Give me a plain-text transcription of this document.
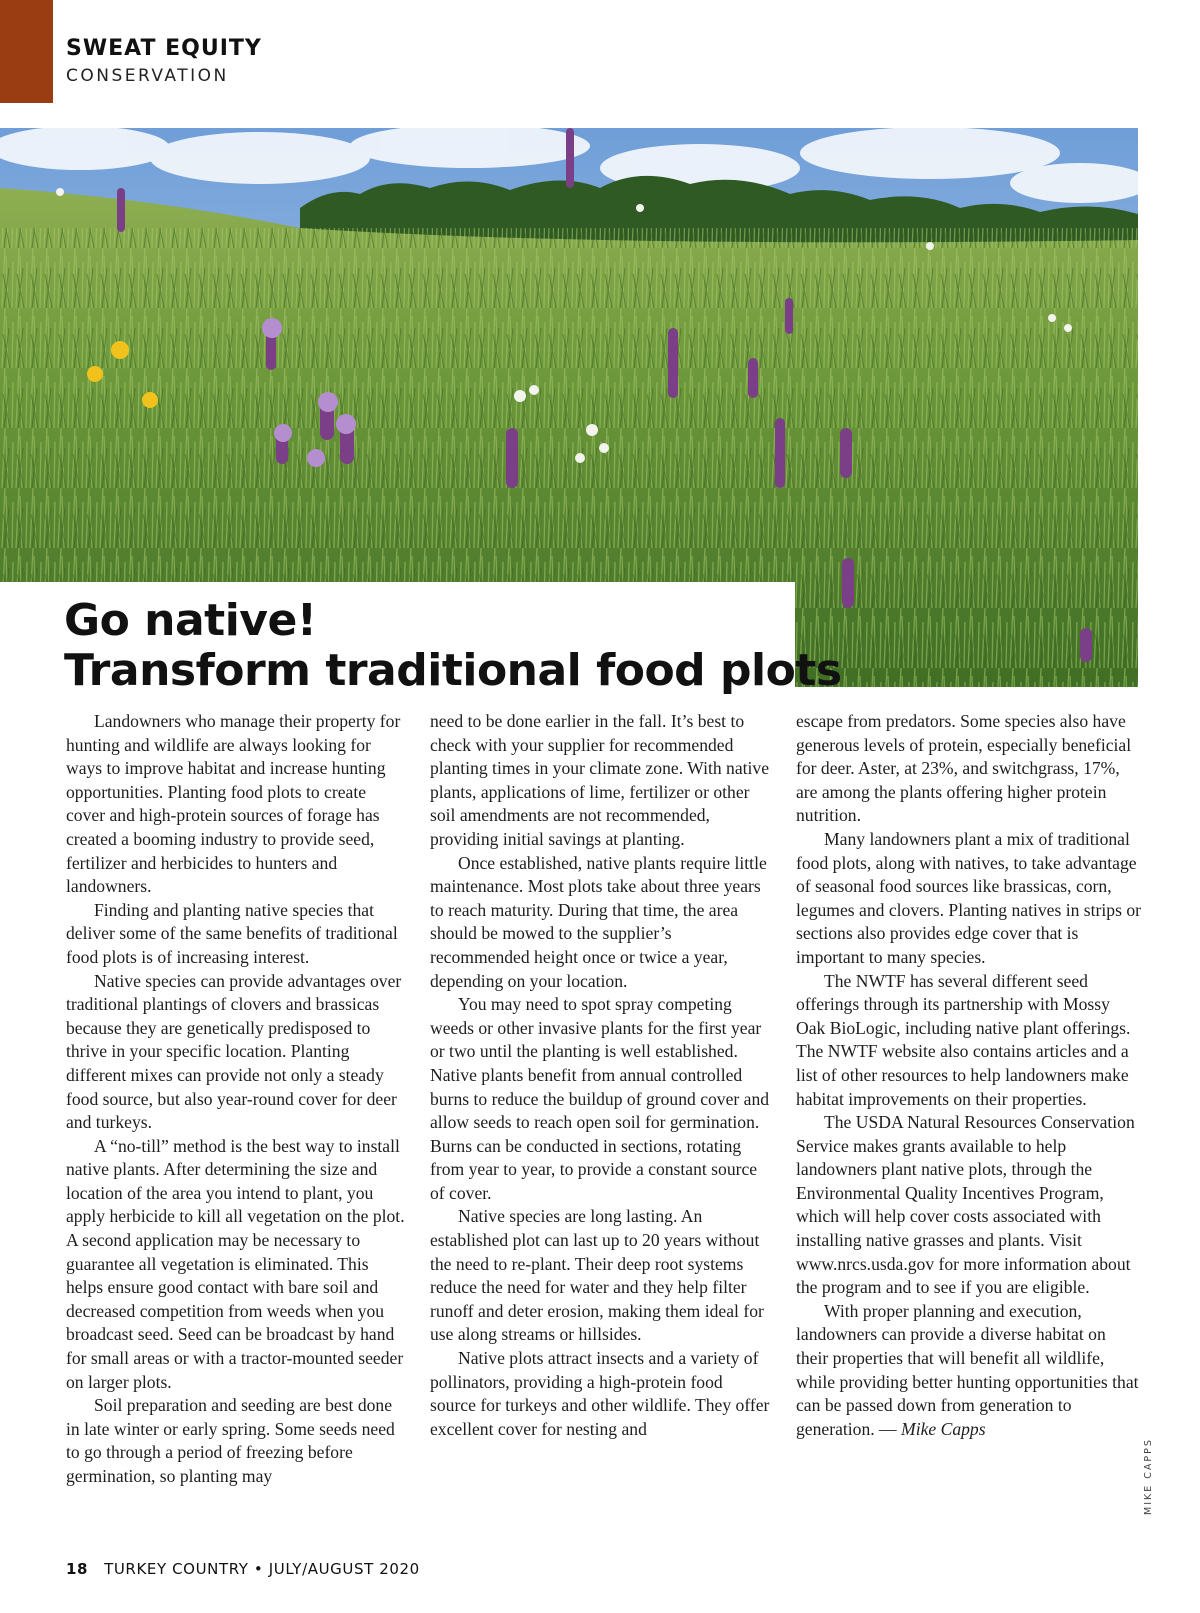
SWEAT EQUITY
CONSERVATION
Go native!
Transform traditional food plots

Landowners who manage their property for hunting and wildlife are always looking for ways to improve habitat and increase hunting opportunities. Planting food plots to create cover and high-protein sources of forage has created a booming industry to provide seed, fertilizer and herbicides to hunters and landowners.

Finding and planting native species that deliver some of the same benefits of traditional food plots is of increasing interest.

Native species can provide advantages over traditional plantings of clovers and brassicas because they are genetically predisposed to thrive in your specific location. Planting different mixes can provide not only a steady food source, but also year-round cover for deer and turkeys.

A “no-till” method is the best way to install native plants. After determining the size and location of the area you intend to plant, you apply herbicide to kill all vegetation on the plot. A second application may be necessary to guarantee all vegetation is eliminated. This helps ensure good contact with bare soil and decreased competition from weeds when you broadcast seed. Seed can be broadcast by hand for small areas or with a tractor-mounted seeder on larger plots.

Soil preparation and seeding are best done in late winter or early spring. Some seeds need to go through a period of freezing before germination, so planting may

need to be done earlier in the fall. It’s best to check with your supplier for recommended planting times in your climate zone. With native plants, applications of lime, fertilizer or other soil amendments are not recommended, providing initial savings at planting.

Once established, native plants require little maintenance. Most plots take about three years to reach maturity. During that time, the area should be mowed to the supplier’s recommended height once or twice a year, depending on your location.

You may need to spot spray competing weeds or other invasive plants for the first year or two until the planting is well established. Native plants benefit from annual controlled burns to reduce the buildup of ground cover and allow seeds to reach open soil for germination. Burns can be conducted in sections, rotating from year to year, to provide a constant source of cover.

Native species are long lasting. An established plot can last up to 20 years without the need to re-plant. Their deep root systems reduce the need for water and they help filter runoff and deter erosion, making them ideal for use along streams or hillsides.

Native plots attract insects and a variety of pollinators, providing a high-protein food source for turkeys and other wildlife. They offer excellent cover for nesting and

escape from predators. Some species also have generous levels of protein, especially beneficial for deer. Aster, at 23%, and switchgrass, 17%, are among the plants offering higher protein nutrition.

Many landowners plant a mix of traditional food plots, along with natives, to take advantage of seasonal food sources like brassicas, corn, legumes and clovers. Planting natives in strips or sections also provides edge cover that is important to many species.

The NWTF has several different seed offerings through its partnership with Mossy Oak BioLogic, including native plant offerings. The NWTF website also contains articles and a list of other resources to help landowners make habitat improvements on their properties.

The USDA Natural Resources Conservation Service makes grants available to help landowners plant native plots, through the Environmental Quality Incentives Program, which will help cover costs associated with installing native grasses and plants. Visit www.nrcs.usda.gov for more information about the program and to see if you are eligible.

With proper planning and execution, landowners can provide a diverse habitat on their properties that will benefit all wildlife, while providing better hunting opportunities that can be passed down from generation to generation. — Mike Capps

MIKE CAPPS
18 TURKEY COUNTRY • JULY/AUGUST 2020
